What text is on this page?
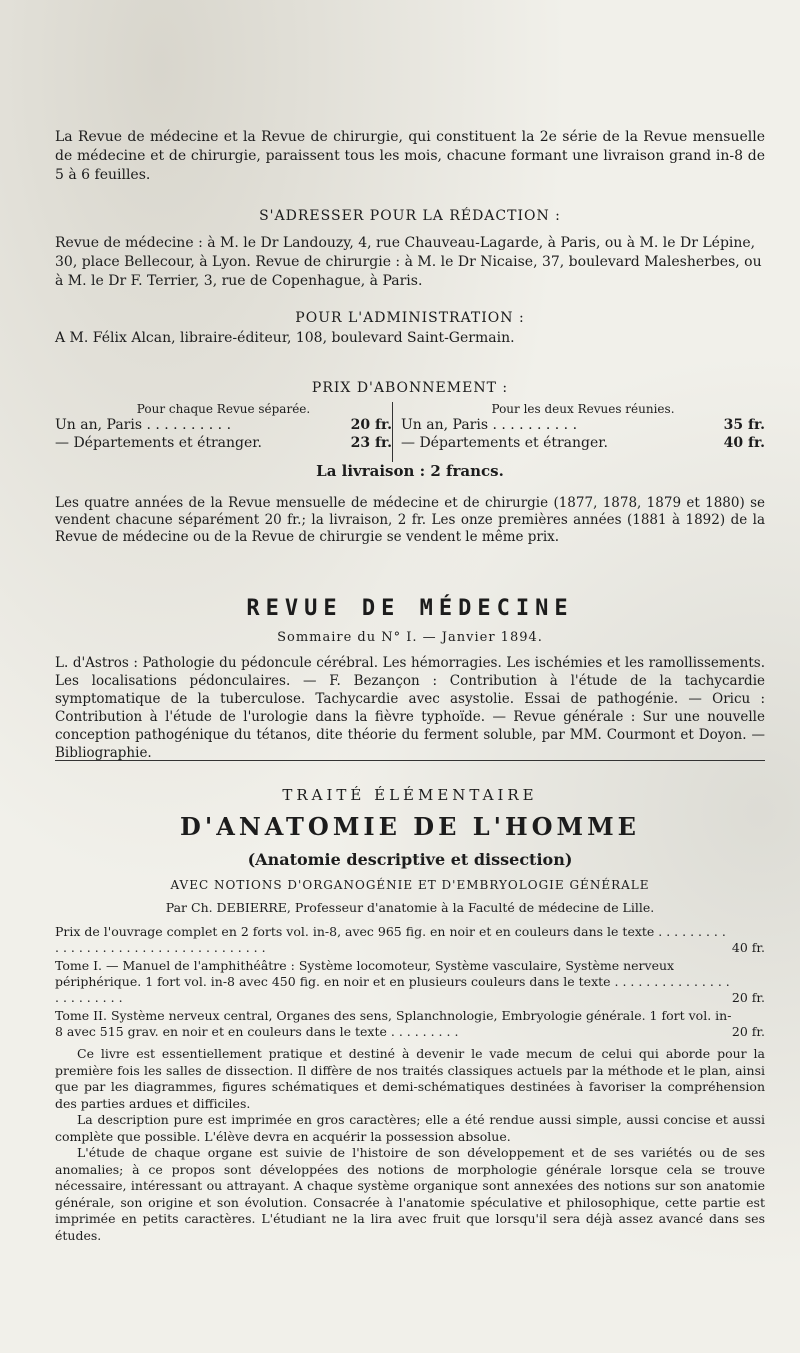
La Revue de médecine et la Revue de chirurgie, qui constituent la 2e série de la Revue mensuelle de médecine et de chirurgie, paraissent tous les mois, chacune formant une livraison grand in-8 de 5 à 6 feuilles.

S'ADRESSER POUR LA RÉDACTION :

Revue de médecine : à M. le Dr Landouzy, 4, rue Chauveau-Lagarde, à Paris, ou à M. le Dr Lépine, 30, place Bellecour, à Lyon. Revue de chirurgie : à M. le Dr Nicaise, 37, boulevard Malesherbes, ou à M. le Dr F. Terrier, 3, rue de Copenhague, à Paris.

POUR L'ADMINISTRATION :

A M. Félix Alcan, libraire-éditeur, 108, boulevard Saint-Germain.

PRIX D'ABONNEMENT :

Pour chaque Revue séparée.
Un an, Paris . . . . . . . . . .	20 fr.
— Départements et étranger.	23 fr.
Pour les deux Revues réunies.
Un an, Paris . . . . . . . . . .	35 fr.
— Départements et étranger.	40 fr.
La livraison : 2 francs.

Les quatre années de la Revue mensuelle de médecine et de chirurgie (1877, 1878, 1879 et 1880) se vendent chacune séparément 20 fr.; la livraison, 2 fr. Les onze premières années (1881 à 1892) de la Revue de médecine ou de la Revue de chirurgie se vendent le même prix.

REVUE DE MÉDECINE

Sommaire du N° I. — Janvier 1894.

L. d'Astros : Pathologie du pédoncule cérébral. Les hémorragies. Les ischémies et les ramollissements. Les localisations pédonculaires. — F. Bezançon : Contribution à l'étude de la tachycardie symptomatique de la tuberculose. Tachycardie avec asystolie. Essai de pathogénie. — Oricu : Contribution à l'étude de l'urologie dans la fièvre typhoïde. — Revue générale : Sur une nouvelle conception pathogénique du tétanos, dite théorie du ferment soluble, par MM. Courmont et Doyon. — Bibliographie.

TRAITÉ ÉLÉMENTAIRE

D'ANATOMIE DE L'HOMME

(Anatomie descriptive et dissection)

AVEC NOTIONS D'ORGANOGÉNIE ET D'EMBRYOLOGIE GÉNÉRALE

Par Ch. DEBIERRE, Professeur d'anatomie à la Faculté de médecine de Lille.

Prix de l'ouvrage complet en 2 forts vol. in-8, avec 965 fig. en noir et en couleurs dans le texte . . . . . . . . . . . . . . . . . . . . . . . . . . . . . . . . . . . .	40 fr.
Tome I. — Manuel de l'amphithéâtre : Système locomoteur, Système vasculaire, Système nerveux périphérique. 1 fort vol. in-8 avec 450 fig. en noir et en plusieurs couleurs dans le texte . . . . . . . . . . . . . . . . . . . . . . . .	20 fr.
Tome II. Système nerveux central, Organes des sens, Splanchnologie, Embryologie générale. 1 fort vol. in-8 avec 515 grav. en noir et en couleurs dans le texte . . . . . . . . .	20 fr.

Ce livre est essentiellement pratique et destiné à devenir le vade mecum de celui qui aborde pour la première fois les salles de dissection. Il diffère de nos traités classiques actuels par la méthode et le plan, ainsi que par les diagrammes, figures schématiques et demi-schématiques destinées à favoriser la compréhension des parties ardues et difficiles.

La description pure est imprimée en gros caractères; elle a été rendue aussi simple, aussi concise et aussi complète que possible. L'élève devra en acquérir la possession absolue.

L'étude de chaque organe est suivie de l'histoire de son développement et de ses variétés ou de ses anomalies; à ce propos sont développées des notions de morphologie générale lorsque cela se trouve nécessaire, intéressant ou attrayant. A chaque système organique sont annexées des notions sur son anatomie générale, son origine et son évolution. Consacrée à l'anatomie spéculative et philosophique, cette partie est imprimée en petits caractères. L'étudiant ne la lira avec fruit que lorsqu'il sera déjà assez avancé dans ses études.
